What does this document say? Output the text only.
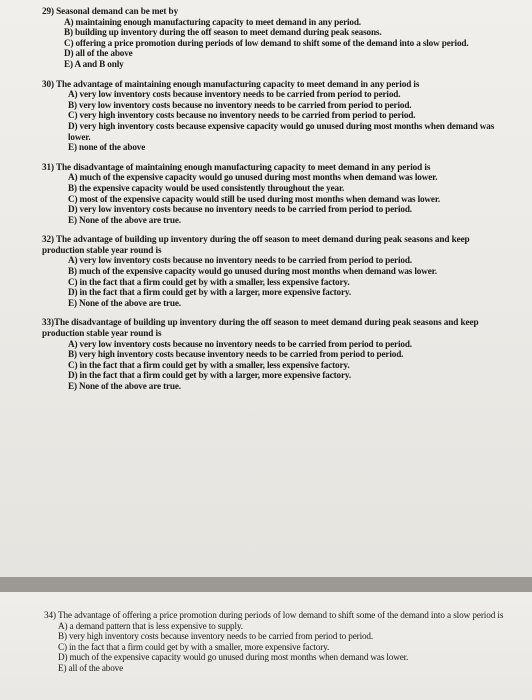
29) Seasonal demand can be met by
A) maintaining enough manufacturing capacity to meet demand in any period.
B) building up inventory during the off season to meet demand during peak seasons.
C) offering a price promotion during periods of low demand to shift some of the demand into a slow period.
D) all of the above
E) A and B only
30) The advantage of maintaining enough manufacturing capacity to meet demand in any period is
A) very low inventory costs because inventory needs to be carried from period to period.
B) very low inventory costs because no inventory needs to be carried from period to period.
C) very high inventory costs because no inventory needs to be carried from period to period.
D) very high inventory costs because expensive capacity would go unused during most months when demand was lower.
E) none of the above
31) The disadvantage of maintaining enough manufacturing capacity to meet demand in any period is
A) much of the expensive capacity would go unused during most months when demand was lower.
B) the expensive capacity would be used consistently throughout the year.
C) most of the expensive capacity would still be used during most months when demand was lower.
D) very low inventory costs because no inventory needs to be carried from period to period.
E) None of the above are true.
32) The advantage of building up inventory during the off season to meet demand during peak seasons and keep production stable year round is
A) very low inventory costs because no inventory needs to be carried from period to period.
B) much of the expensive capacity would go unused during most months when demand was lower.
C) in the fact that a firm could get by with a smaller, less expensive factory.
D) in the fact that a firm could get by with a larger, more expensive factory.
E) None of the above are true.
33)The disadvantage of building up inventory during the off season to meet demand during peak seasons and keep production stable year round is
A) very low inventory costs because no inventory needs to be carried from period to period.
B) very high inventory costs because inventory needs to be carried from period to period.
C) in the fact that a firm could get by with a smaller, less expensive factory.
D) in the fact that a firm could get by with a larger, more expensive factory.
E) None of the above are true.
34) The advantage of offering a price promotion during periods of low demand to shift some of the demand into a slow period is
A) a demand pattern that is less expensive to supply.
B) very high inventory costs because inventory needs to be carried from period to period.
C) in the fact that a firm could get by with a smaller, more expensive factory.
D) much of the expensive capacity would go unused during most months when demand was lower.
E) all of the above
